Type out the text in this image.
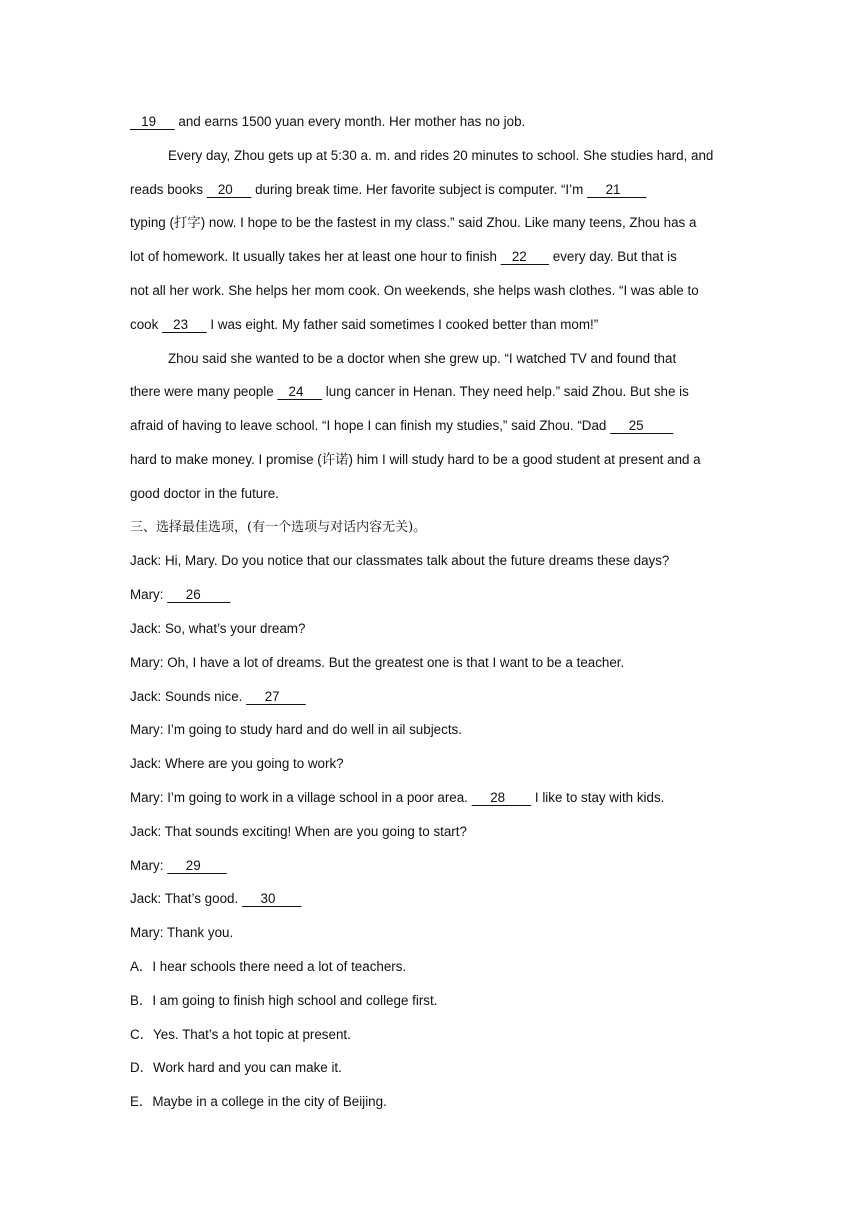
19      and earns 1500 yuan every month. Her mother has no job.
Every day, Zhou gets up at 5:30 a. m. and rides 20 minutes to school. She studies hard, and
reads books    20      during break time. Her favorite subject is computer. “I’m      21
typing (打字) now. I hope to be the fastest in my class.” said Zhou. Like many teens, Zhou has a
lot of homework. It usually takes her at least one hour to finish    22       every day. But that is
not all her work. She helps her mom cook. On weekends, she helps wash clothes. “I was able to
cook    23      I was eight. My father said sometimes I cooked better than mom!”
Zhou said she wanted to be a doctor when she grew up. “I watched TV and found that
there were many people    24      lung cancer in Henan. They need help.” said Zhou. But she is
afraid of having to leave school. “I hope I can finish my studies,” said Zhou. “Dad      25
hard to make money. I promise (许诺) him I will study hard to be a good student at present and a
good doctor in the future.
三、选择最佳选项，(有一个选项与对话内容无关)。
Jack: Hi, Mary. Do you notice that our classmates talk about the future dreams these days?
Mary:      26
Jack: So, what’s your dream?
Mary: Oh, I have a lot of dreams. But the greatest one is that I want to be a teacher.
Jack: Sounds nice.      27
Mary: I’m going to study hard and do well in ail subjects.
Jack: Where are you going to work?
Mary: I’m going to work in a village school in a poor area.      28        I like to stay with kids.
Jack: That sounds exciting! When are you going to start?
Mary:      29
Jack: That’s good.      30
Mary: Thank you.
A．I hear schools there need a lot of teachers.
B．I am going to finish high school and college first.
C．Yes. That’s a hot topic at present.
D．Work hard and you can make it.
E．Maybe in a college in the city of Beijing.
